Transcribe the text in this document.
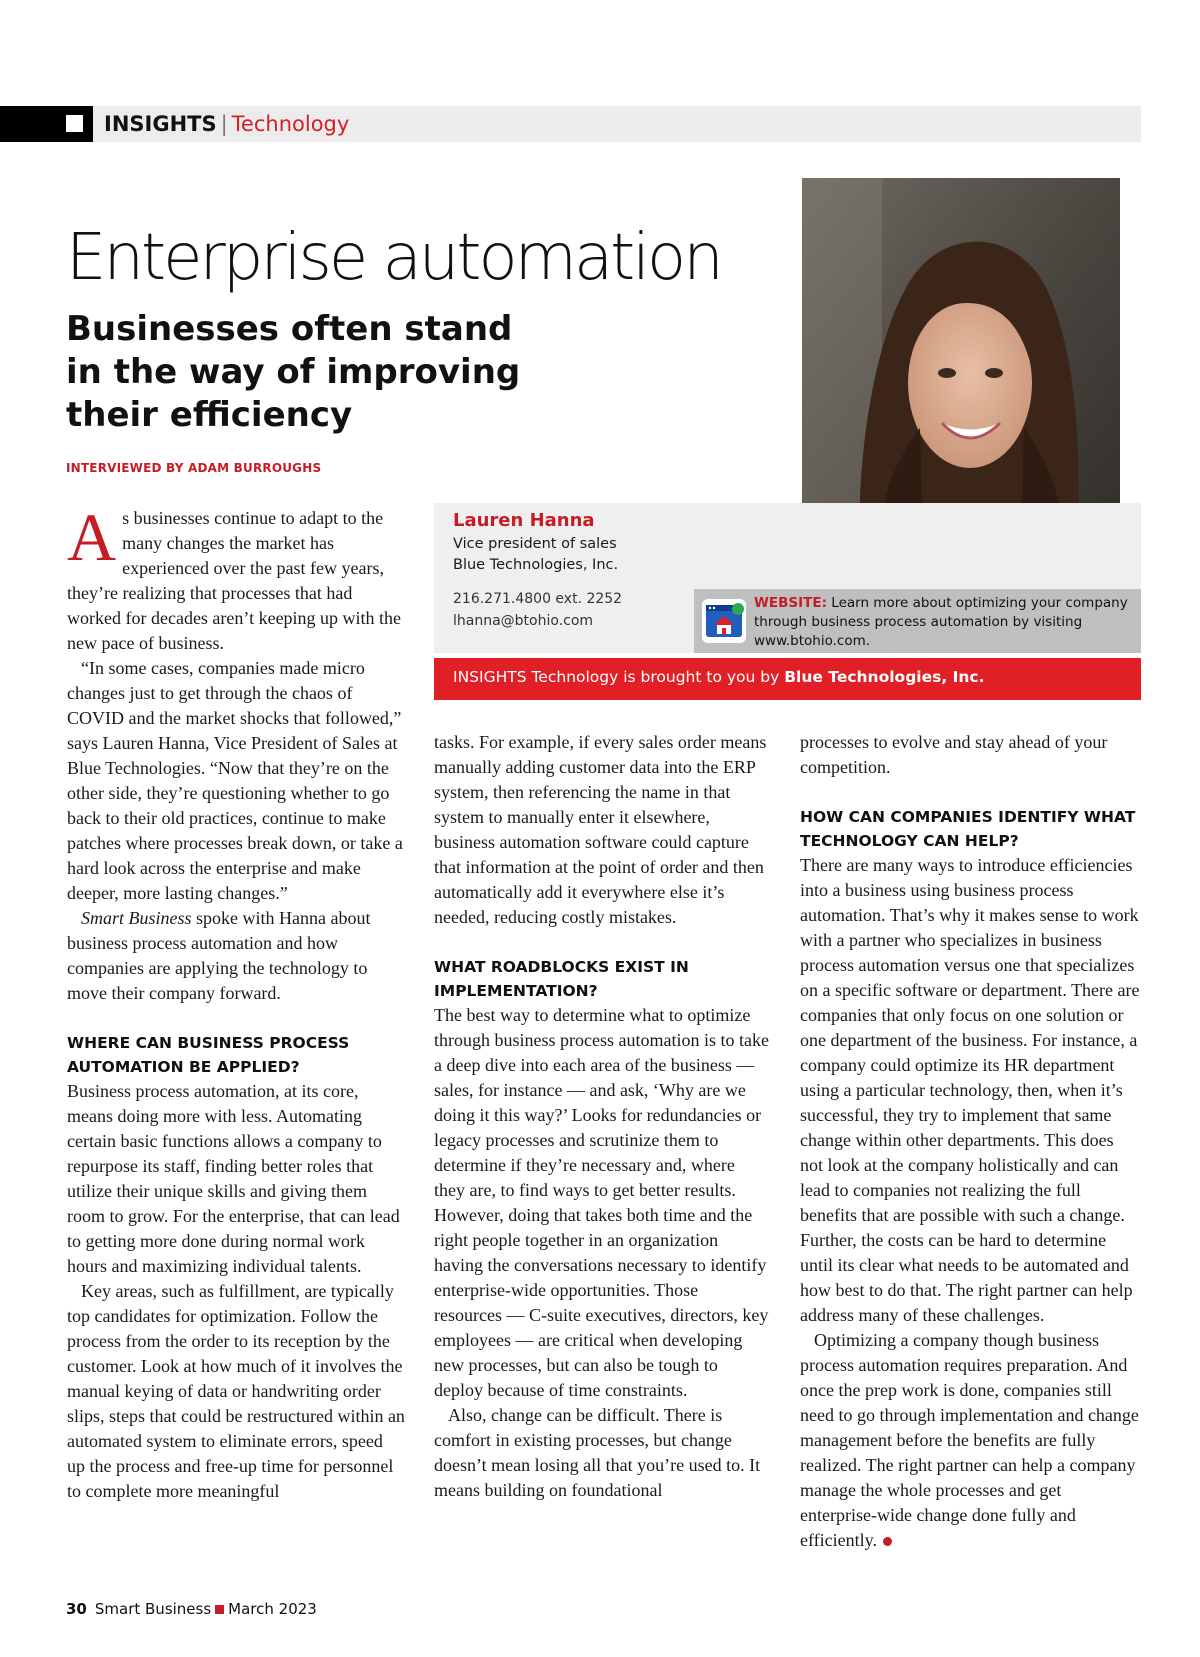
INSIGHTS | Technology
Enterprise automation
Businesses often stand in the way of improving their efficiency
INTERVIEWED BY ADAM BURROUGHS
Lauren Hanna
Vice president of sales
Blue Technologies, Inc.
216.271.4800 ext. 2252
lhanna@btohio.com
WEBSITE: Learn more about optimizing your company through business process automation by visiting www.btohio.com.
INSIGHTS Technology is brought to you by Blue Technologies, Inc.

As businesses continue to adapt to the many changes the market has experienced over the past few years, they’re realizing that processes that had worked for decades aren’t keeping up with the new pace of business.

“In some cases, companies made micro changes just to get through the chaos of COVID and the market shocks that followed,” says Lauren Hanna, Vice President of Sales at Blue Technologies. “Now that they’re on the other side, they’re questioning whether to go back to their old practices, continue to make patches where processes break down, or take a hard look across the enterprise and make deeper, more lasting changes.”

Smart Business spoke with Hanna about business process automation and how companies are applying the technology to move their company forward.

WHERE CAN BUSINESS PROCESS AUTOMATION BE APPLIED?

Business process automation, at its core, means doing more with less. Automating certain basic functions allows a company to repurpose its staff, finding better roles that utilize their unique skills and giving them room to grow. For the enterprise, that can lead to getting more done during normal work hours and maximizing individual talents.

Key areas, such as fulfillment, are typically top candidates for optimization. Follow the process from the order to its reception by the customer. Look at how much of it involves the manual keying of data or handwriting order slips, steps that could be restructured within an automated system to eliminate errors, speed up the process and free-up time for personnel to complete more meaningful

tasks. For example, if every sales order means manually adding customer data into the ERP system, then referencing the name in that system to manually enter it elsewhere, business automation software could capture that information at the point of order and then automatically add it everywhere else it’s needed, reducing costly mistakes.

WHAT ROADBLOCKS EXIST IN IMPLEMENTATION?

The best way to determine what to optimize through business process automation is to take a deep dive into each area of the business — sales, for instance — and ask, ‘Why are we doing it this way?’ Looks for redundancies or legacy processes and scrutinize them to determine if they’re necessary and, where they are, to find ways to get better results. However, doing that takes both time and the right people together in an organization having the conversations necessary to identify enterprise-wide opportunities. Those resources — C-suite executives, directors, key employees — are critical when developing new processes, but can also be tough to deploy because of time constraints.

Also, change can be difficult. There is comfort in existing processes, but change doesn’t mean losing all that you’re used to. It means building on foundational

processes to evolve and stay ahead of your competition.

HOW CAN COMPANIES IDENTIFY WHAT TECHNOLOGY CAN HELP?

There are many ways to introduce efficiencies into a business using business process automation. That’s why it makes sense to work with a partner who specializes in business process automation versus one that specializes on a specific software or department. There are companies that only focus on one solution or one department of the business. For instance, a company could optimize its HR department using a particular technology, then, when it’s successful, they try to implement that same change within other departments. This does not look at the company holistically and can lead to companies not realizing the full benefits that are possible with such a change. Further, the costs can be hard to determine until its clear what needs to be automated and how best to do that. The right partner can help address many of these challenges.

Optimizing a company though business process automation requires preparation. And once the prep work is done, companies still need to go through implementation and change management before the benefits are fully realized. The right partner can help a company manage the whole processes and get enterprise-wide change done fully and efficiently.

30 Smart Business March 2023
